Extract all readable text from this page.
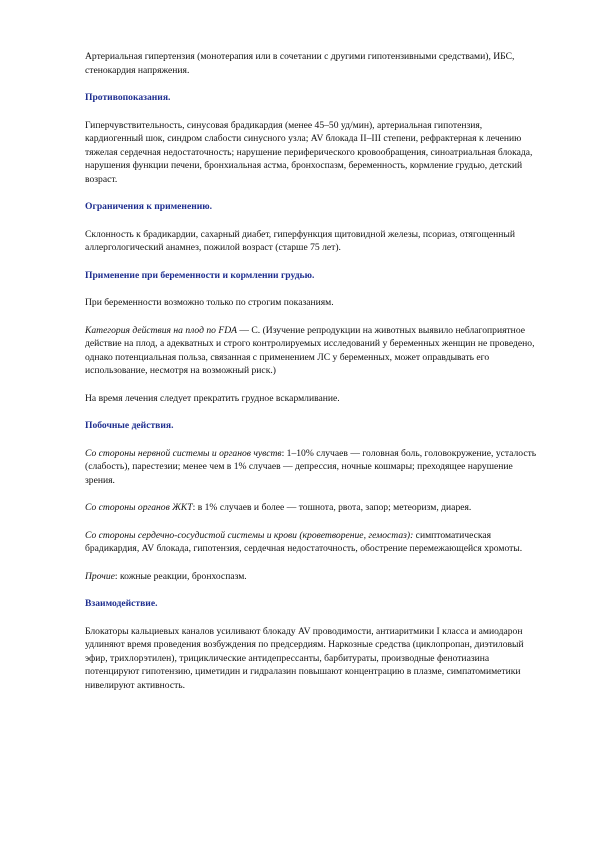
Артериальная гипертензия (монотерапия или в сочетании с другими гипотензивными средствами), ИБС, стенокардия напряжения.

Противопоказания.

Гиперчувствительность, синусовая брадикардия (менее 45–50 уд/мин), артериальная гипотензия, кардиогенный шок, синдром слабости синусного узла; AV блокада II–III степени, рефрактерная к лечению тяжелая сердечная недостаточность; нарушение периферического кровообращения, синоатриальная блокада, нарушения функции печени, бронхиальная астма, бронхоспазм, беременность, кормление грудью, детский возраст.

Ограничения к применению.

Склонность к брадикардии, сахарный диабет, гиперфункция щитовидной железы, псориаз, отягощенный аллергологический анамнез, пожилой возраст (старше 75 лет).

Применение при беременности и кормлении грудью.

При беременности возможно только по строгим показаниям.

Категория действия на плод по FDA — C. (Изучение репродукции на животных выявило неблагоприятное действие на плод, а адекватных и строго контролируемых исследований у беременных женщин не проведено, однако потенциальная польза, связанная с применением ЛС у беременных, может оправдывать его использование, несмотря на возможный риск.)

На время лечения следует прекратить грудное вскармливание.

Побочные действия.

Со стороны нервной системы и органов чувств: 1–10% случаев — головная боль, головокружение, усталость (слабость), парестезии; менее чем в 1% случаев — депрессия, ночные кошмары; преходящее нарушение зрения.

Со стороны органов ЖКТ: в 1% случаев и более — тошнота, рвота, запор; метеоризм, диарея.

Со стороны сердечно-сосудистой системы и крови (кроветворение, гемостаз): симптоматическая брадикардия, AV блокада, гипотензия, сердечная недостаточность, обострение перемежающейся хромоты.

Прочие: кожные реакции, бронхоспазм.

Взаимодействие.

Блокаторы кальциевых каналов усиливают блокаду AV проводимости, антиаритмики I класса и амиодарон удлиняют время проведения возбуждения по предсердиям. Наркозные средства (циклопропан, диэтиловый эфир, трихлорэтилен), трициклические антидепрессанты, барбитураты, производные фенотиазина потенцируют гипотензию, циметидин и гидралазин повышают концентрацию в плазме, симпатомиметики нивелируют активность.
